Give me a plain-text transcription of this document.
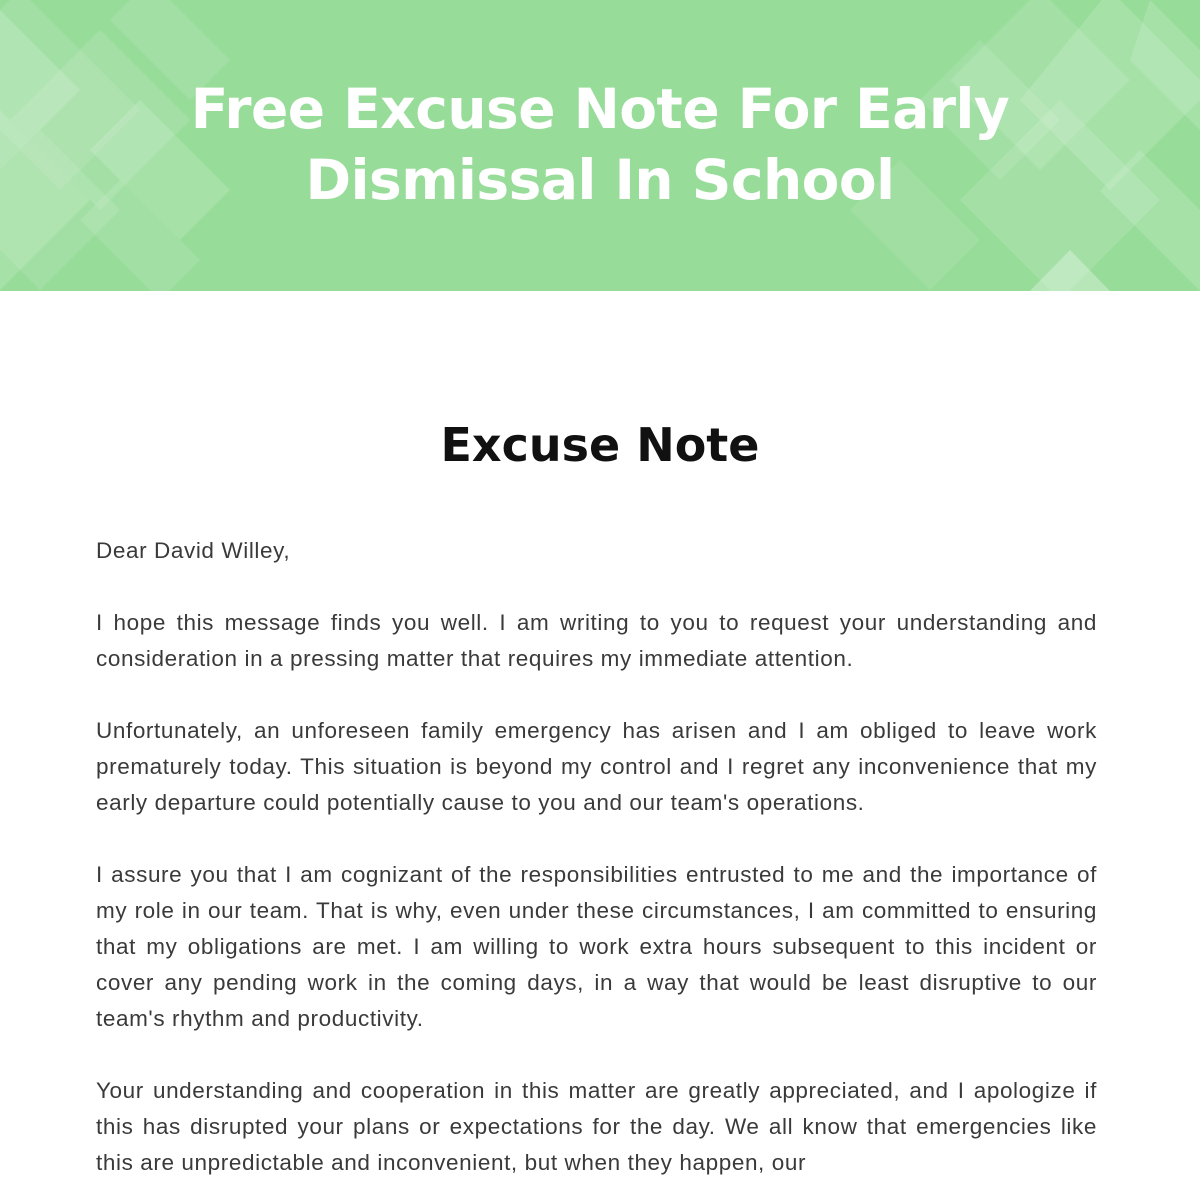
Free Excuse Note For Early
Dismissal In School
Excuse Note

Dear David Willey,

I hope this message finds you well. I am writing to you to request your understanding and consideration in a pressing matter that requires my immediate attention.

Unfortunately, an unforeseen family emergency has arisen and I am obliged to leave work prematurely today. This situation is beyond my control and I regret any inconvenience that my early departure could potentially cause to you and our team's operations.

I assure you that I am cognizant of the responsibilities entrusted to me and the importance of my role in our team. That is why, even under these circumstances, I am committed to ensuring that my obligations are met. I am willing to work extra hours subsequent to this incident or cover any pending work in the coming days, in a way that would be least disruptive to our team's rhythm and productivity.

Your understanding and cooperation in this matter are greatly appreciated, and I apologize if this has disrupted your plans or expectations for the day. We all know that emergencies like this are unpredictable and inconvenient, but when they happen, our
